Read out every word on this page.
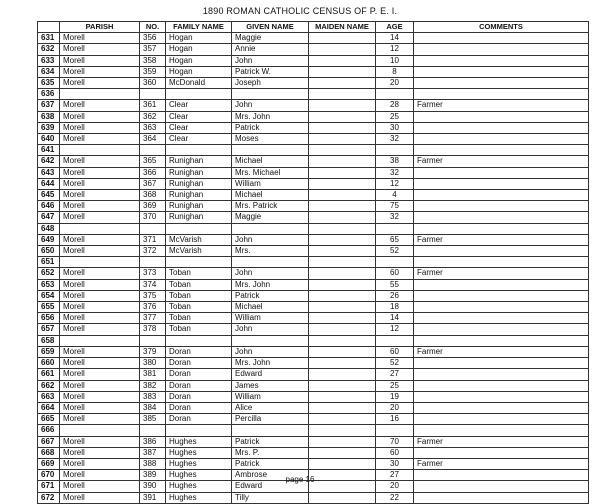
1890 ROMAN CATHOLIC CENSUS OF P. E. I.
	PARISH	NO.	FAMILY NAME	GIVEN NAME	MAIDEN NAME	AGE	COMMENTS
631	Morell	356	Hogan	Maggie		14	
632	Morell	357	Hogan	Annie		12	
633	Morell	358	Hogan	John		10	
634	Morell	359	Hogan	Patrick W.		8	
635	Morell	360	McDonald	Joseph		20	
636							
637	Morell	361	Clear	John		28	Farmer
638	Morell	362	Clear	Mrs. John		25	
639	Morell	363	Clear	Patrick		30	
640	Morell	364	Clear	Moses		32	
641							
642	Morell	365	Runighan	Michael		38	Farmer
643	Morell	366	Runighan	Mrs. Michael		32	
644	Morell	367	Runighan	William		12	
645	Morell	368	Runighan	Michael		4	
646	Morell	369	Runighan	Mrs. Patrick		75	
647	Morell	370	Runighan	Maggie		32	
648							
649	Morell	371	McVarish	John		65	Farmer
650	Morell	372	McVarish	Mrs.		52	
651							
652	Morell	373	Toban	John		60	Farmer
653	Morell	374	Toban	Mrs. John		55	
654	Morell	375	Toban	Patrick		26	
655	Morell	376	Toban	Michael		18	
656	Morell	377	Toban	William		14	
657	Morell	378	Toban	John		12	
658							
659	Morell	379	Doran	John		60	Farmer
660	Morell	380	Doran	Mrs. John		52	
661	Morell	381	Doran	Edward		27	
662	Morell	382	Doran	James		25	
663	Morell	383	Doran	William		19	
664	Morell	384	Doran	Alice		20	
665	Morell	385	Doran	Percilla		16	
666							
667	Morell	386	Hughes	Patrick		70	Farmer
668	Morell	387	Hughes	Mrs. P.		60	
669	Morell	388	Hughes	Patrick		30	Farmer
670	Morell	389	Hughes	Ambrose		27	
671	Morell	390	Hughes	Edward		20	
672	Morell	391	Hughes	Tilly		22	
page 16
